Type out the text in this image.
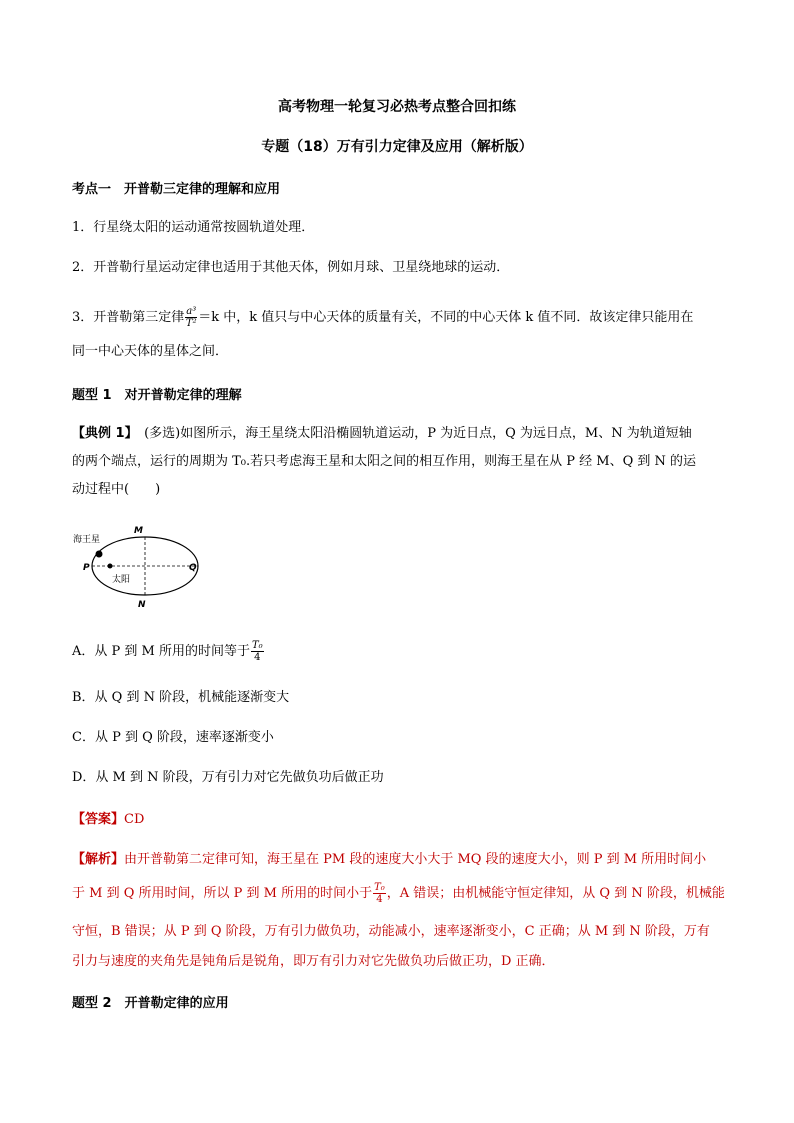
高考物理一轮复习必热考点整合回扣练
专题（18）万有引力定律及应用（解析版）
考点一　开普勒三定律的理解和应用
1．行星绕太阳的运动通常按圆轨道处理．
2．开普勒行星运动定律也适用于其他天体，例如月球、卫星绕地球的运动．
3．开普勒第三定律 $\frac{\text{a³}}{\text{T²}} =k$ 中，k 值只与中心天体的质量有关，不同的中心天体 k 值不同．故该定律只能用在
同一中心天体的星体之间．
题型 1　对开普勒定律的理解
【典例 1】　(多选)如图所示，海王星绕太阳沿椭圆轨道运动，P 为近日点，Q 为远日点，M、N 为轨道短轴
的两个端点，运行的周期为 T₀.若只考虑海王星和太阳之间的相互作用，则海王星在从 P 经 M、Q 到 N 的运
动过程中(　　)
海王星
太阳
P	Q
M
N
A．从 P 到 M 所用的时间等于 $\frac{\text{T₀}}{4}$
B．从 Q 到 N 阶段，机械能逐渐变大
C．从 P 到 Q 阶段，速率逐渐变小
D．从 M 到 N 阶段，万有引力对它先做负功后做正功
【答案】CD
【解析】由开普勒第二定律可知，海王星在 PM 段的速度大小大于 MQ 段的速度大小，则 P 到 M 所用时间小
于 M 到 Q 所用时间，所以 P 到 M 所用的时间小于 $\frac{\text{T₀}}{4}$ ，A 错误；由机械能守恒定律知，从 Q 到 N 阶段，机械能
守恒，B 错误；从 P 到 Q 阶段，万有引力做负功，动能减小，速率逐渐变小，C 正确；从 M 到 N 阶段，万有
引力与速度的夹角先是钝角后是锐角，即万有引力对它先做负功后做正功，D 正确．
题型 2　开普勒定律的应用
